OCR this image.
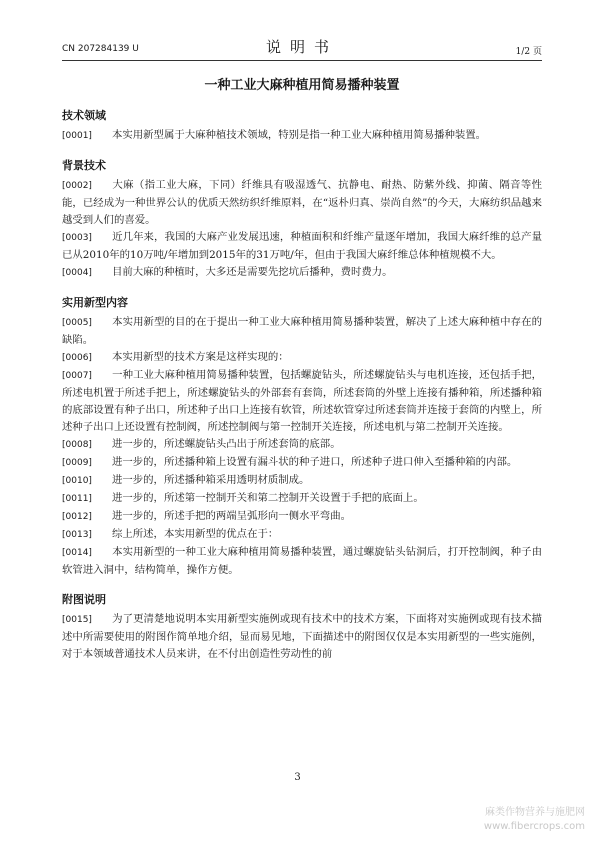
CN 207284139 U	说明书	1/2 页
一种工业大麻种植用简易播种装置
技术领域

[0001] 本实用新型属于大麻种植技术领域，特别是指一种工业大麻种植用简易播种装置。

背景技术

[0002] 大麻（指工业大麻，下同）纤维具有吸湿透气、抗静电、耐热、防紫外线、抑菌、隔音等性能，已经成为一种世界公认的优质天然纺织纤维原料，在“返朴归真、崇尚自然”的今天，大麻纺织品越来越受到人们的喜爱。

[0003] 近几年来，我国的大麻产业发展迅速，种植面积和纤维产量逐年增加，我国大麻纤维的总产量已从2010年的10万吨/年增加到2015年的31万吨/年，但由于我国大麻纤维总体种植规模不大。

[0004] 目前大麻的种植时，大多还是需要先挖坑后播种，费时费力。

实用新型内容

[0005] 本实用新型的目的在于提出一种工业大麻种植用简易播种装置，解决了上述大麻种植中存在的缺陷。

[0006] 本实用新型的技术方案是这样实现的：

[0007] 一种工业大麻种植用简易播种装置，包括螺旋钻头，所述螺旋钻头与电机连接，还包括手把，所述电机置于所述手把上，所述螺旋钻头的外部套有套筒，所述套筒的外壁上连接有播种箱，所述播种箱的底部设置有种子出口，所述种子出口上连接有软管，所述软管穿过所述套筒并连接于套筒的内壁上，所述种子出口上还设置有控制阀，所述控制阀与第一控制开关连接，所述电机与第二控制开关连接。

[0008] 进一步的，所述螺旋钻头凸出于所述套筒的底部。

[0009] 进一步的，所述播种箱上设置有漏斗状的种子进口，所述种子进口伸入至播种箱的内部。

[0010] 进一步的，所述播种箱采用透明材质制成。

[0011] 进一步的，所述第一控制开关和第二控制开关设置于手把的底面上。

[0012] 进一步的，所述手把的两端呈弧形向一侧水平弯曲。

[0013] 综上所述，本实用新型的优点在于：

[0014] 本实用新型的一种工业大麻种植用简易播种装置，通过螺旋钻头钻洞后，打开控制阀，种子由软管进入洞中，结构简单，操作方便。

附图说明

[0015] 为了更清楚地说明本实用新型实施例或现有技术中的技术方案，下面将对实施例或现有技术描述中所需要使用的附图作简单地介绍，显而易见地，下面描述中的附图仅仅是本实用新型的一些实施例，对于本领域普通技术人员来讲，在不付出创造性劳动性的前

3
麻类作物营养与施肥网
www.fibercrops.com
